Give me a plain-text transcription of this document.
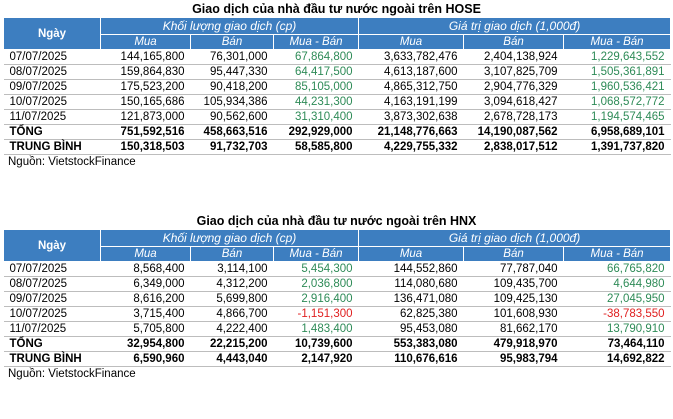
Giao dịch của nhà đầu tư nước ngoài trên HOSE
Ngày	Khối lượng giao dịch (cp)			Giá trị giao dịch (1,000đ)		
	Mua	Bán	Mua - Bán	Mua	Bán	Mua - Bán
07/07/2025	144,165,800	76,301,000	67,864,800	3,633,782,476	2,404,138,924	1,229,643,552
08/07/2025	159,864,830	95,447,330	64,417,500	4,613,187,600	3,107,825,709	1,505,361,891
09/07/2025	175,523,200	90,418,200	85,105,000	4,865,312,750	2,904,776,329	1,960,536,421
10/07/2025	150,165,686	105,934,386	44,231,300	4,163,191,199	3,094,618,427	1,068,572,772
11/07/2025	121,873,000	90,562,600	31,310,400	3,873,302,638	2,678,728,173	1,194,574,465
TỔNG	751,592,516	458,663,516	292,929,000	21,148,776,663	14,190,087,562	6,958,689,101
TRUNG BÌNH	150,318,503	91,732,703	58,585,800	4,229,755,332	2,838,017,512	1,391,737,820
Nguồn: VietstockFinance
Giao dịch của nhà đầu tư nước ngoài trên HNX
Ngày	Khối lượng giao dịch (cp)			Giá trị giao dịch (1,000đ)		
	Mua	Bán	Mua - Bán	Mua	Bán	Mua - Bán
07/07/2025	8,568,400	3,114,100	5,454,300	144,552,860	77,787,040	66,765,820
08/07/2025	6,349,000	4,312,200	2,036,800	114,080,680	109,435,700	4,644,980
09/07/2025	8,616,200	5,699,800	2,916,400	136,471,080	109,425,130	27,045,950
10/07/2025	3,715,400	4,866,700	-1,151,300	62,825,380	101,608,930	-38,783,550
11/07/2025	5,705,800	4,222,400	1,483,400	95,453,080	81,662,170	13,790,910
TỔNG	32,954,800	22,215,200	10,739,600	553,383,080	479,918,970	73,464,110
TRUNG BÌNH	6,590,960	4,443,040	2,147,920	110,676,616	95,983,794	14,692,822
Nguồn: VietstockFinance
